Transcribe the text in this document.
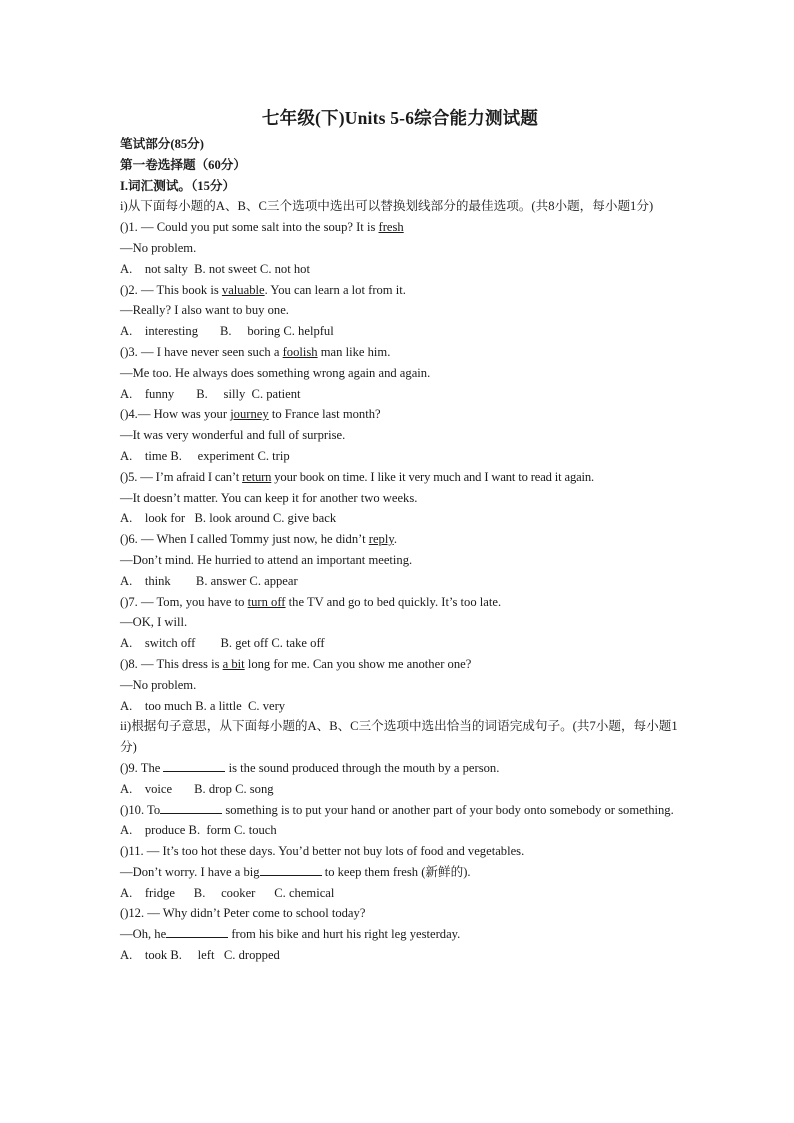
七年级(下)Units 5-6综合能力测试题
笔试部分(85分)
第一卷选择题（60分）
I.词汇测试。（15分）
i)从下面每小题的A、B、C三个选项中选出可以替换划线部分的最佳选项。(共8小题，每小题1分)
()1. — Could you put some salt into the soup? It is fresh
—No problem.
A.    not salty  B. not sweet C. not hot
()2. — This book is valuable. You can learn a lot from it.
—Really? I also want to buy one.
A.    interesting       B.     boring C. helpful
()3. — I have never seen such a foolish man like him.
—Me too. He always does something wrong again and again.
A.    funny       B.     silly  C. patient
()4.— How was your journey to France last month?
—It was very wonderful and full of surprise.
A.    time B.     experiment C. trip
()5. — I’m afraid I can’t return your book on time. I like it very much and I want to read it again.
—It doesn’t matter. You can keep it for another two weeks.
A.    look for   B. look around C. give back
()6. — When I called Tommy just now, he didn’t reply.
—Don’t mind. He hurried to attend an important meeting.
A.    think        B. answer C. appear
()7. — Tom, you have to turn off the TV and go to bed quickly. It’s too late.
—OK, I will.
A.    switch off        B. get off C. take off
()8. — This dress is a bit long for me. Can you show me another one?
—No problem.
A.    too much B. a little  C. very
ii)根据句子意思，从下面每小题的A、B、C三个选项中选出恰当的词语完成句子。(共7小题，每小题1分)
()9. The	is the sound produced through the mouth by a person.
A.    voice       B. drop C. song
()10. To	something is to put your hand or another part of your body onto somebody or something.
A.    produce B.  form C. touch
()11. — It’s too hot these days. You’d better not buy lots of food and vegetables.
—Don’t worry. I have a big	to keep them fresh (新鲜的).
A.    fridge      B.     cooker      C. chemical
()12. — Why didn’t Peter come to school today?
—Oh, he	from his bike and hurt his right leg yesterday.
A.    took B.     left   C. dropped
